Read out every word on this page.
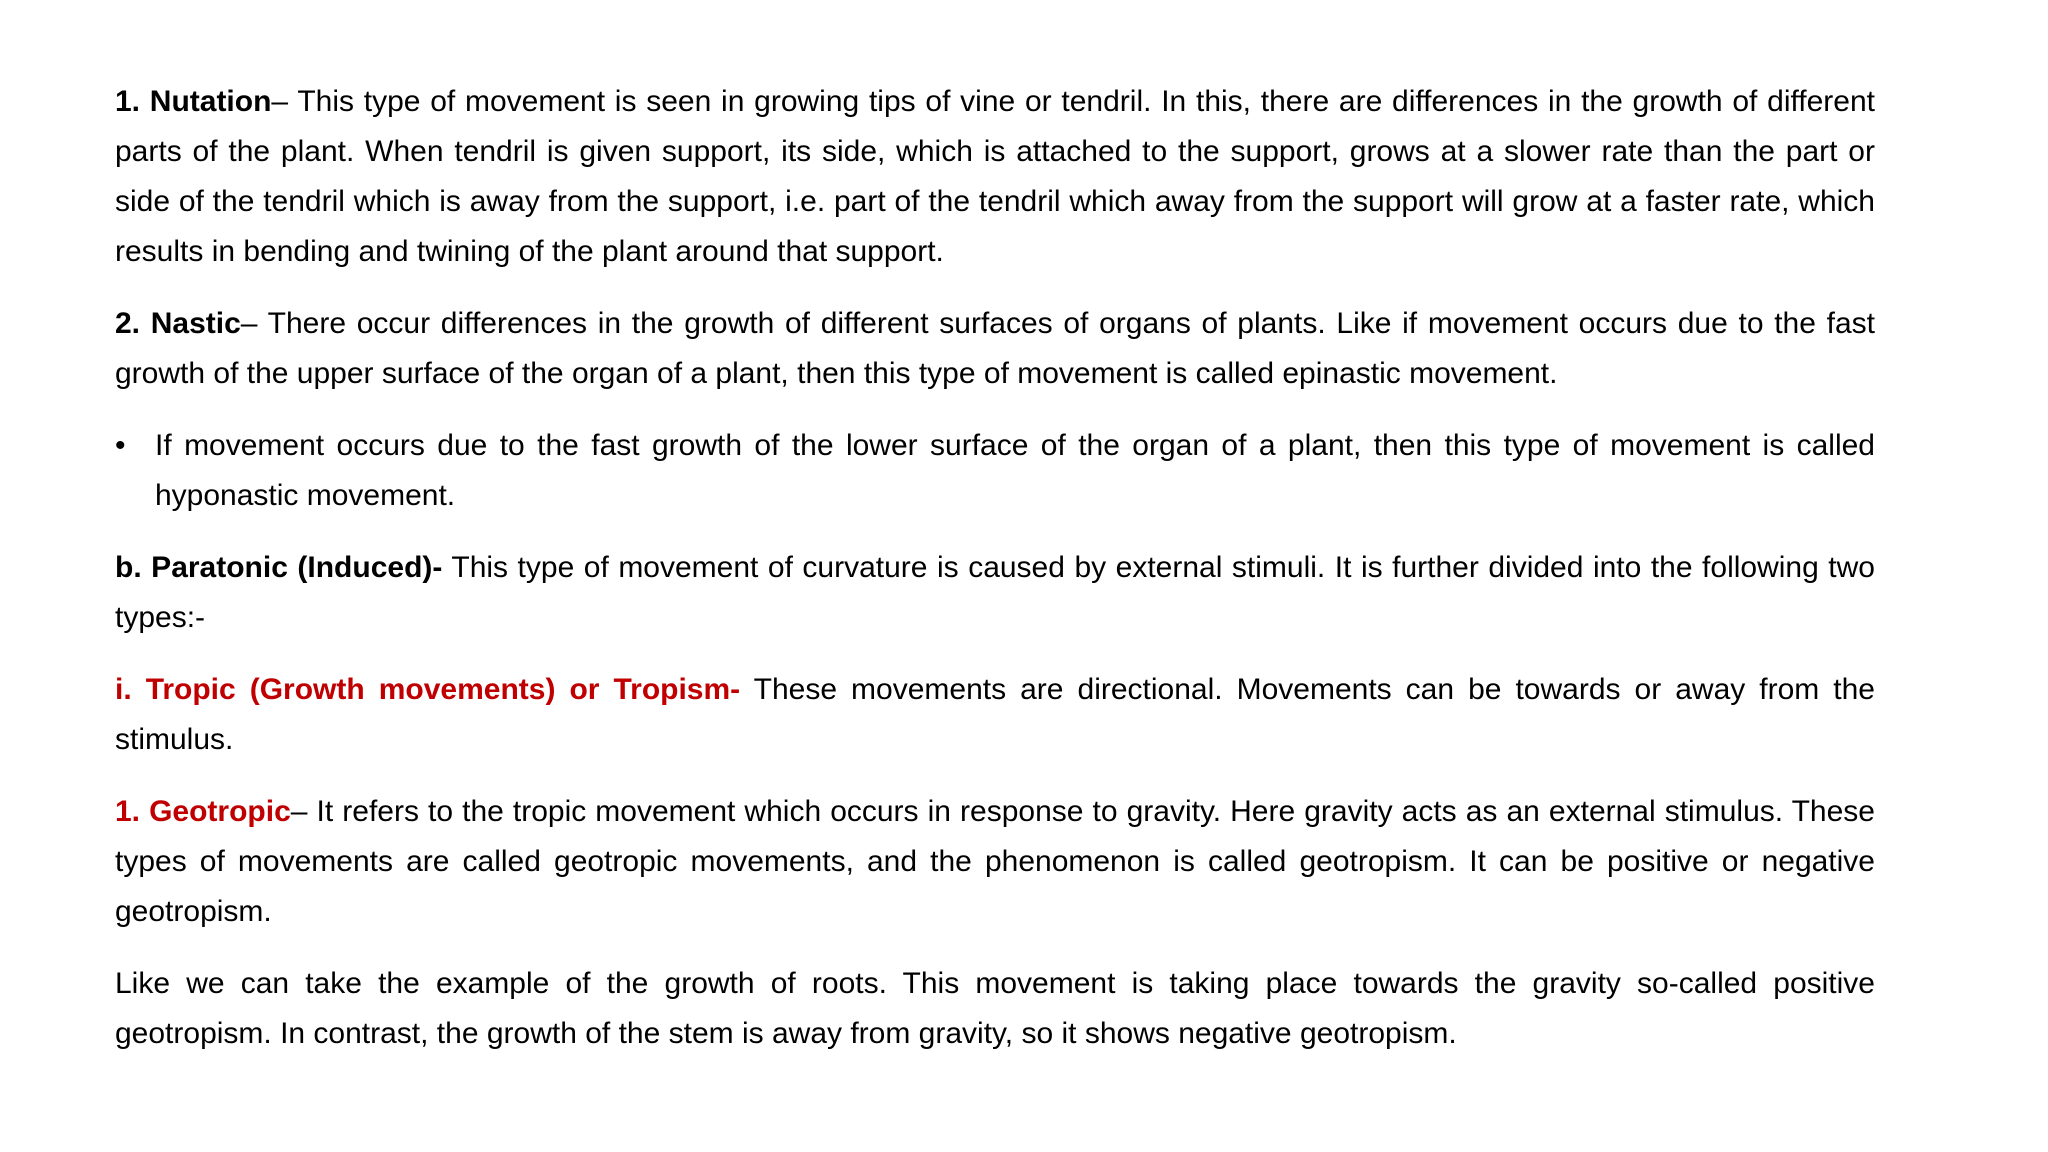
1. Nutation– This type of movement is seen in growing tips of vine or tendril. In this, there are differences in the growth of different parts of the plant. When tendril is given support, its side, which is attached to the support, grows at a slower rate than the part or side of the tendril which is away from the support, i.e. part of the tendril which away from the support will grow at a faster rate, which results in bending and twining of the plant around that support.

2. Nastic– There occur differences in the growth of different surfaces of organs of plants. Like if movement occurs due to the fast growth of the upper surface of the organ of a plant, then this type of movement is called epinastic movement.

• If movement occurs due to the fast growth of the lower surface of the organ of a plant, then this type of movement is called hyponastic movement.

b. Paratonic (Induced)- This type of movement of curvature is caused by external stimuli. It is further divided into the following two types:-

i. Tropic (Growth movements) or Tropism- These movements are directional. Movements can be towards or away from the stimulus.

1. Geotropic– It refers to the tropic movement which occurs in response to gravity. Here gravity acts as an external stimulus. These types of movements are called geotropic movements, and the phenomenon is called geotropism. It can be positive or negative geotropism.

Like we can take the example of the growth of roots. This movement is taking place towards the gravity so-called positive geotropism. In contrast, the growth of the stem is away from gravity, so it shows negative geotropism.
